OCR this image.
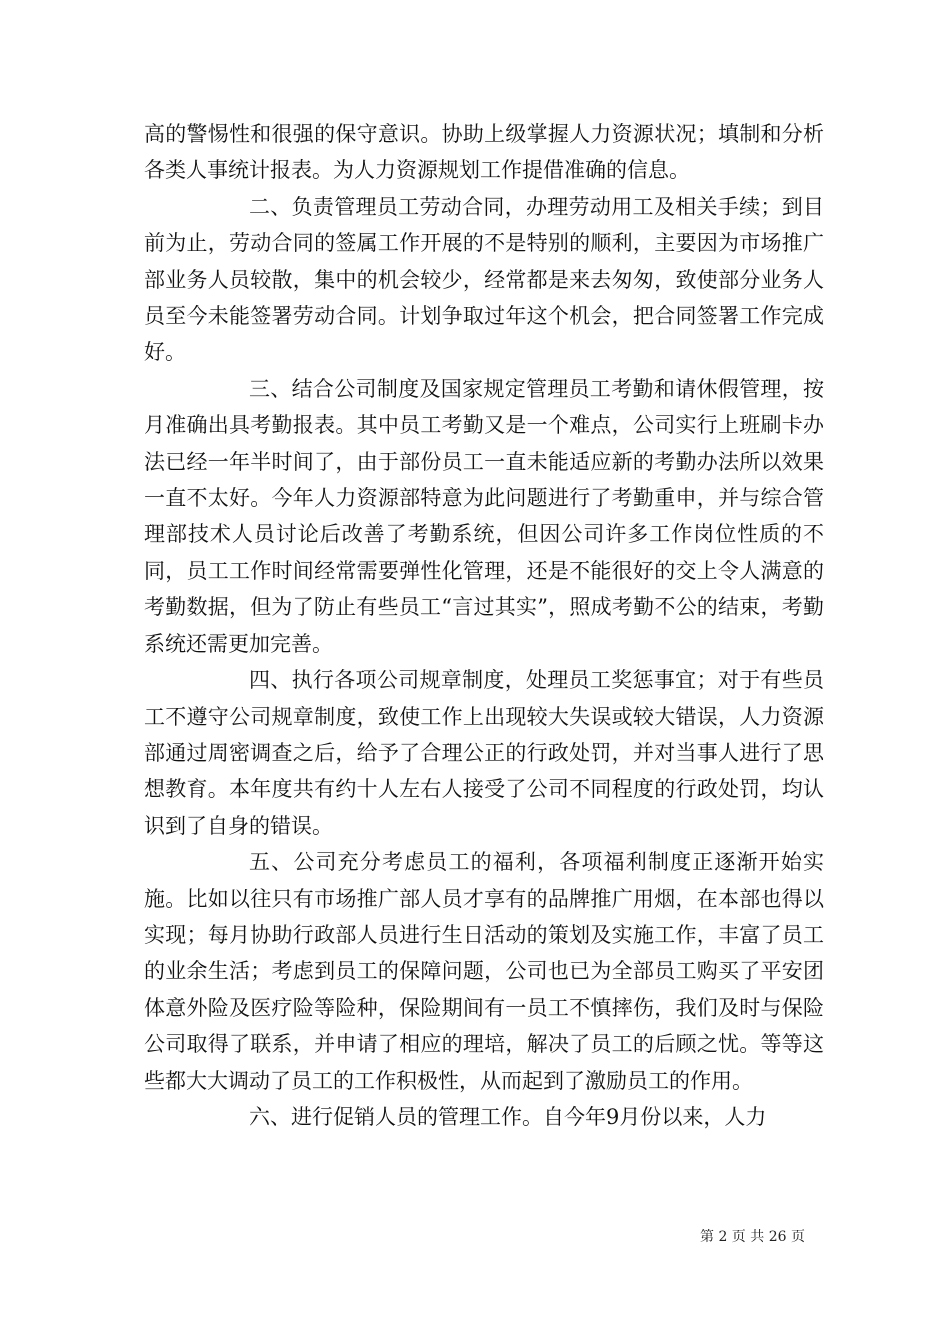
高的警惕性和很强的保守意识。协助上级掌握人力资源状况；填制和分析各类人事统计报表。为人力资源规划工作提借准确的信息。

二、负责管理员工劳动合同，办理劳动用工及相关手续；到目前为止，劳动合同的签属工作开展的不是特别的顺利，主要因为市场推广部业务人员较散，集中的机会较少，经常都是来去匆匆，致使部分业务人员至今未能签署劳动合同。计划争取过年这个机会，把合同签署工作完成好。

三、结合公司制度及国家规定管理员工考勤和请休假管理，按月准确出具考勤报表。其中员工考勤又是一个难点，公司实行上班刷卡办法已经一年半时间了，由于部份员工一直未能适应新的考勤办法所以效果一直不太好。今年人力资源部特意为此问题进行了考勤重申，并与综合管理部技术人员讨论后改善了考勤系统，但因公司许多工作岗位性质的不同，员工工作时间经常需要弹性化管理，还是不能很好的交上令人满意的考勤数据，但为了防止有些员工“言过其实”，照成考勤不公的结束，考勤系统还需更加完善。

四、执行各项公司规章制度，处理员工奖惩事宜；对于有些员工不遵守公司规章制度，致使工作上出现较大失误或较大错误，人力资源部通过周密调查之后，给予了合理公正的行政处罚，并对当事人进行了思想教育。本年度共有约十人左右人接受了公司不同程度的行政处罚，均认识到了自身的错误。

五、公司充分考虑员工的福利，各项福利制度正逐渐开始实施。比如以往只有市场推广部人员才享有的品牌推广用烟，在本部也得以实现；每月协助行政部人员进行生日活动的策划及实施工作，丰富了员工的业余生活；考虑到员工的保障问题，公司也已为全部员工购买了平安团体意外险及医疗险等险种，保险期间有一员工不慎摔伤，我们及时与保险公司取得了联系，并申请了相应的理培，解决了员工的后顾之忧。等等这些都大大调动了员工的工作积极性，从而起到了激励员工的作用。

六、进行促销人员的管理工作。自今年9月份以来，人力

第 2 页 共 26 页
